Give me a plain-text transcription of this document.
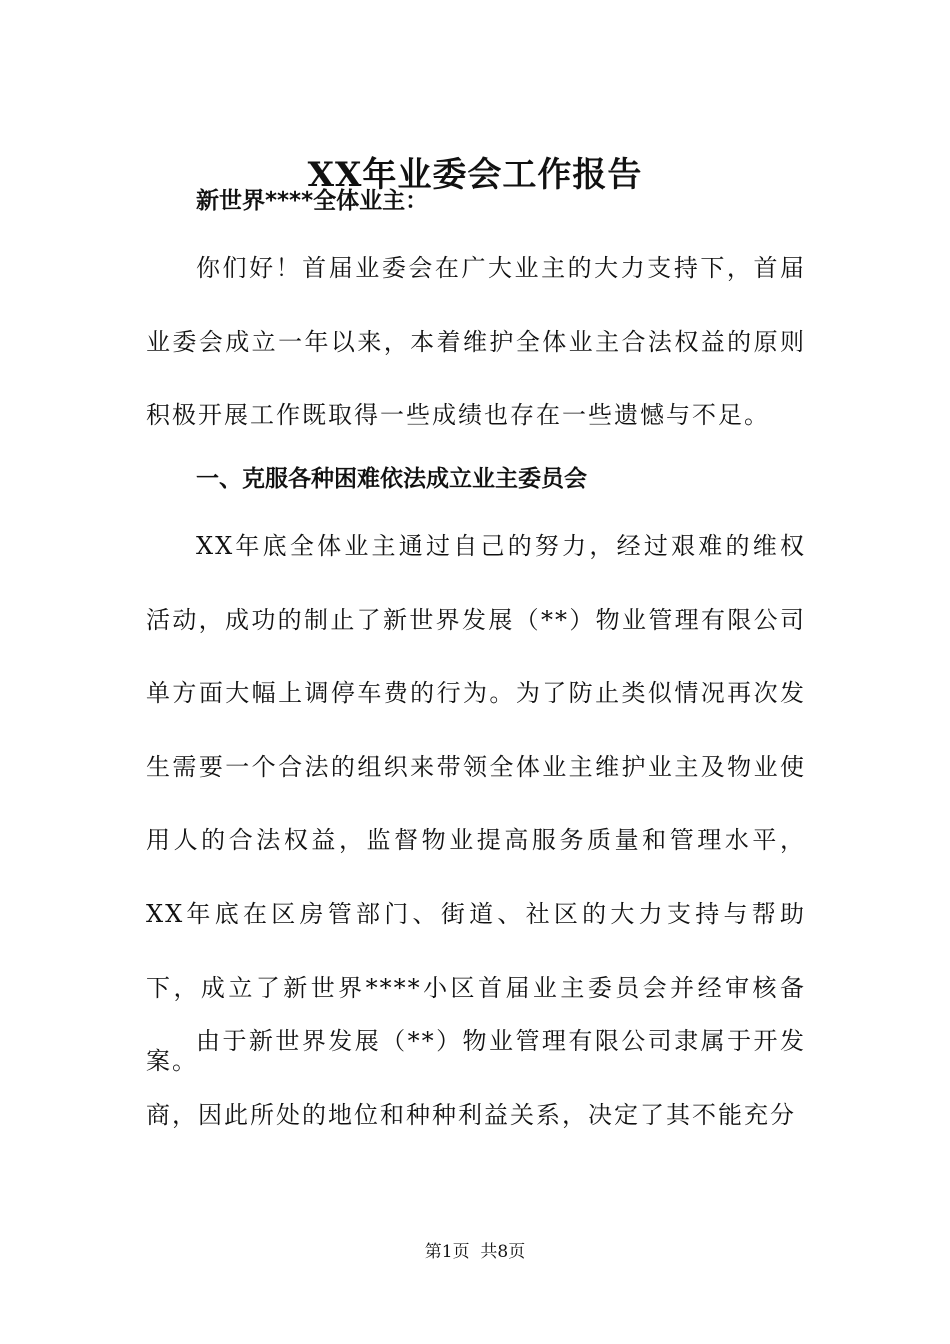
XX年业委会工作报告
新世界****全体业主：

你们好！首届业委会在广大业主的大力支持下，首届业委会成立一年以来，本着维护全体业主合法权益的原则积极开展工作既取得一些成绩也存在一些遗憾与不足。

一、克服各种困难依法成立业主委员会

XX年底全体业主通过自己的努力，经过艰难的维权活动，成功的制止了新世界发展（**）物业管理有限公司单方面大幅上调停车费的行为。为了防止类似情况再次发生需要一个合法的组织来带领全体业主维护业主及物业使用人的合法权益，监督物业提高服务质量和管理水平，XX年底在区房管部门、街道、社区的大力支持与帮助下，成立了新世界****小区首届业主委员会并经审核备案。

由于新世界发展（**）物业管理有限公司隶属于开发商，因此所处的地位和种种利益关系，决定了其不能充分

第1页 共8页
